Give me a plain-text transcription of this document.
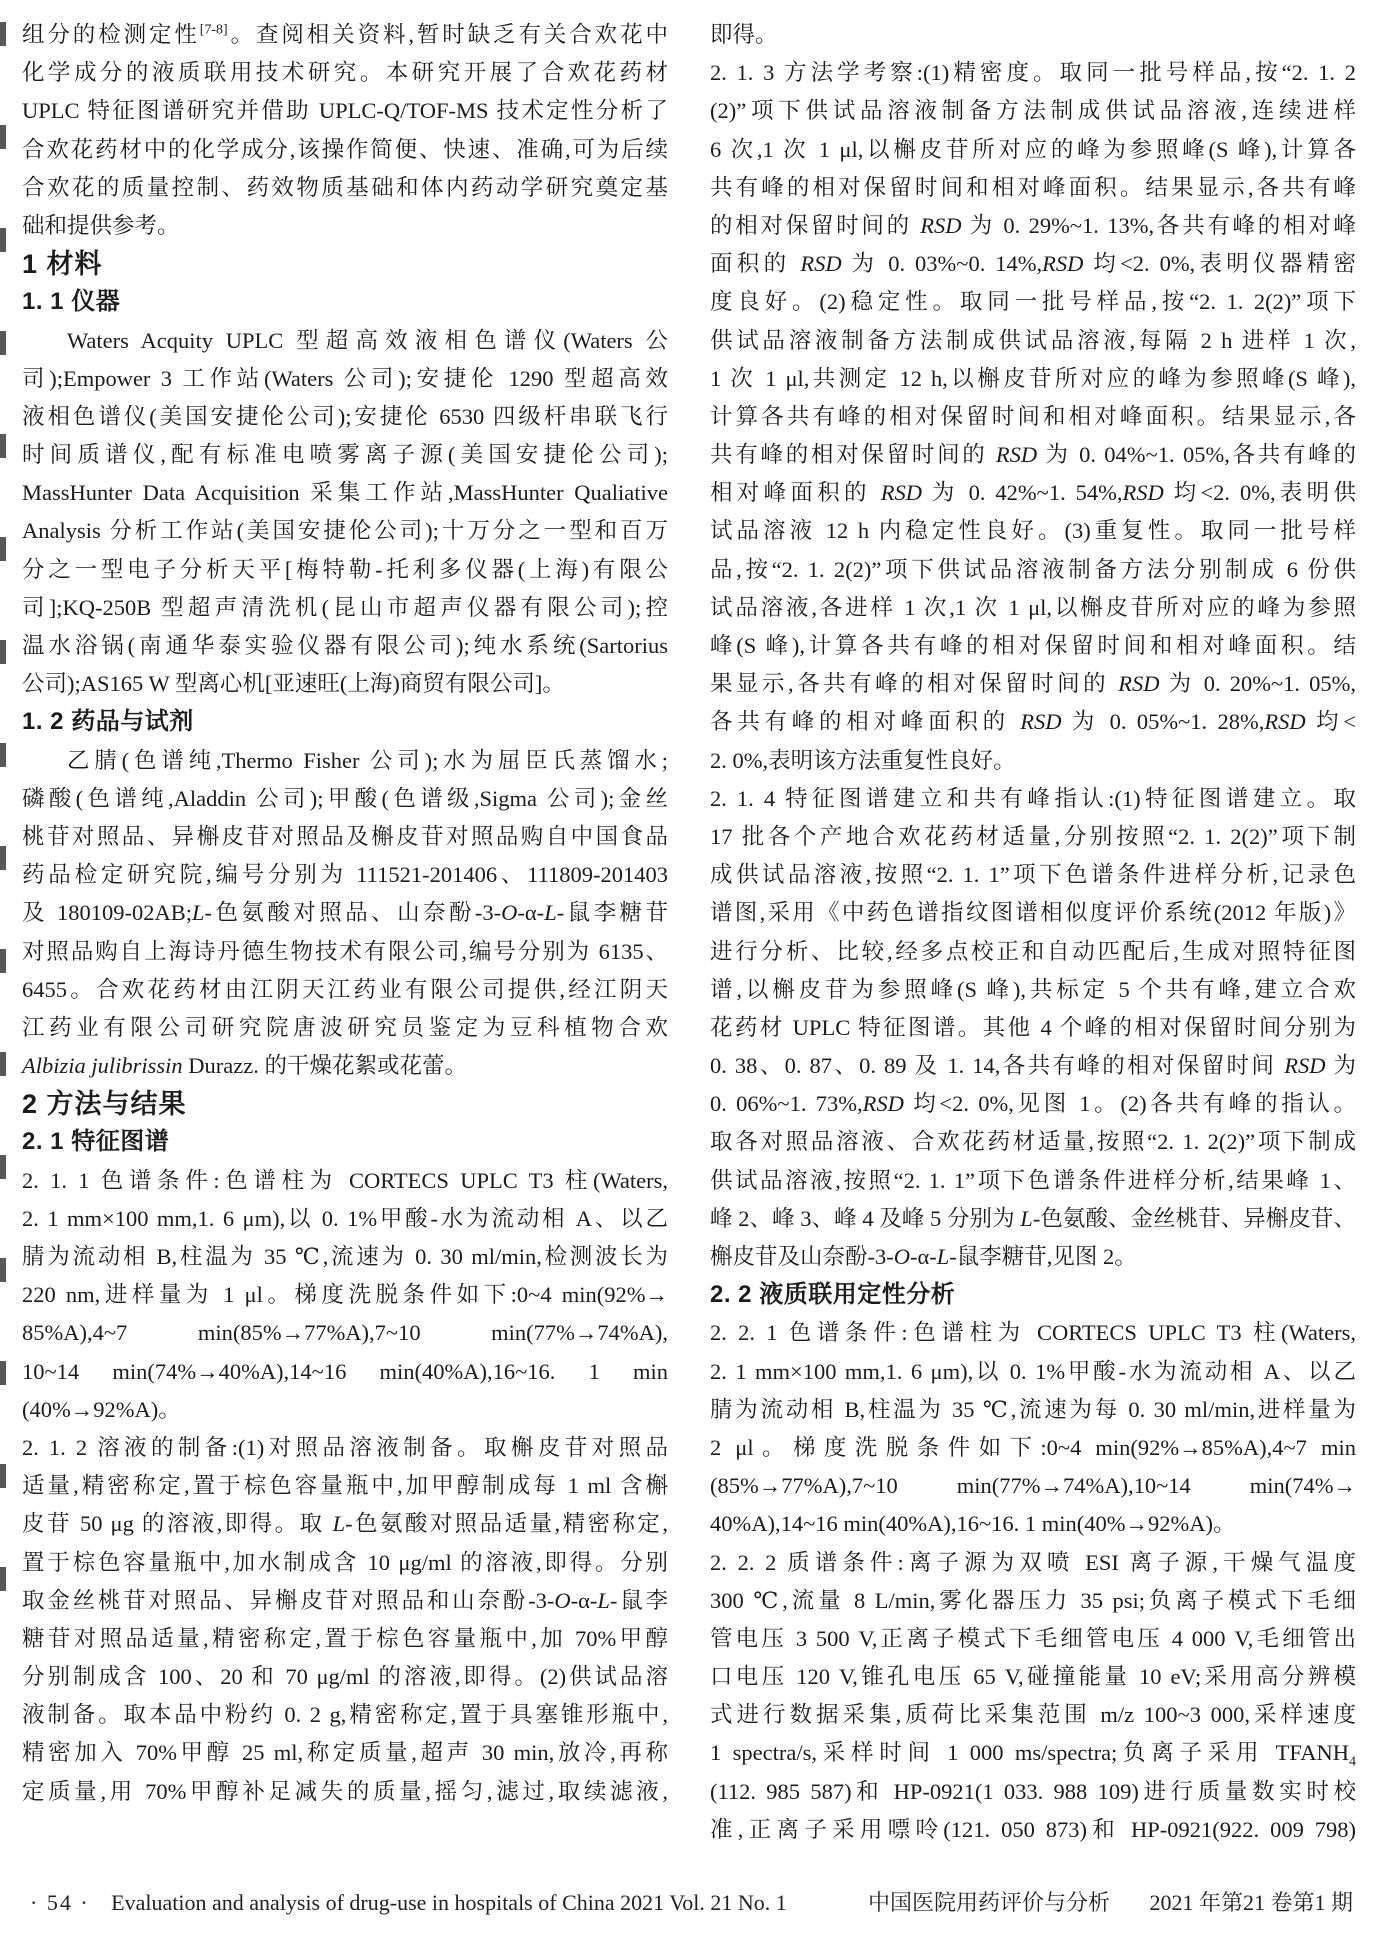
组分的检测定性[7-8]。查阅相关资料,暂时缺乏有关合欢花中
化学成分的液质联用技术研究。本研究开展了合欢花药材
UPLC 特征图谱研究并借助 UPLC-Q/TOF-MS 技术定性分析了
合欢花药材中的化学成分,该操作简便、快速、准确,可为后续
合欢花的质量控制、药效物质基础和体内药动学研究奠定基
础和提供参考。
1 材料
1. 1 仪器
Waters Acquity UPLC 型超高效液相色谱仪(Waters 公
司);Empower 3 工作站(Waters 公司);安捷伦 1290 型超高效
液相色谱仪(美国安捷伦公司);安捷伦 6530 四级杆串联飞行
时间质谱仪,配有标准电喷雾离子源(美国安捷伦公司);
MassHunter Data Acquisition 采集工作站,MassHunter Qualiative
Analysis 分析工作站(美国安捷伦公司);十万分之一型和百万
分之一型电子分析天平[梅特勒-托利多仪器(上海)有限公
司];KQ-250B 型超声清洗机(昆山市超声仪器有限公司);控
温水浴锅(南通华泰实验仪器有限公司);纯水系统(Sartorius
公司);AS165 W 型离心机[亚速旺(上海)商贸有限公司]。
1. 2 药品与试剂
乙腈(色谱纯,Thermo Fisher 公司);水为屈臣氏蒸馏水;
磷酸(色谱纯,Aladdin 公司);甲酸(色谱级,Sigma 公司);金丝
桃苷对照品、异槲皮苷对照品及槲皮苷对照品购自中国食品
药品检定研究院,编号分别为 111521-201406、111809-201403
及 180109-02AB;L-色氨酸对照品、山奈酚-3-O-α-L-鼠李糖苷
对照品购自上海诗丹德生物技术有限公司,编号分别为 6135、
6455。合欢花药材由江阴天江药业有限公司提供,经江阴天
江药业有限公司研究院唐波研究员鉴定为豆科植物合欢
Albizia julibrissin Durazz. 的干燥花絮或花蕾。
2 方法与结果
2. 1 特征图谱
2. 1. 1 色谱条件:色谱柱为 CORTECS UPLC T3 柱(Waters,
2. 1 mm×100 mm,1. 6 μm),以 0. 1%甲酸-水为流动相 A、以乙
腈为流动相 B,柱温为 35 ℃,流速为 0. 30 ml/min,检测波长为
220 nm,进样量为 1 μl。梯度洗脱条件如下:0~4 min(92%→
85%A),4~7 min(85%→77%A),7~10 min(77%→74%A),
10~14 min(74%→40%A),14~16 min(40%A),16~16. 1 min
(40%→92%A)。
2. 1. 2 溶液的制备:(1)对照品溶液制备。取槲皮苷对照品
适量,精密称定,置于棕色容量瓶中,加甲醇制成每 1 ml 含槲
皮苷 50 μg 的溶液,即得。取 L-色氨酸对照品适量,精密称定,
置于棕色容量瓶中,加水制成含 10 μg/ml 的溶液,即得。分别
取金丝桃苷对照品、异槲皮苷对照品和山奈酚-3-O-α-L-鼠李
糖苷对照品适量,精密称定,置于棕色容量瓶中,加 70%甲醇
分别制成含 100、20 和 70 μg/ml 的溶液,即得。(2)供试品溶
液制备。取本品中粉约 0. 2 g,精密称定,置于具塞锥形瓶中,
精密加入 70%甲醇 25 ml,称定质量,超声 30 min,放冷,再称
定质量,用 70%甲醇补足减失的质量,摇匀,滤过,取续滤液,
即得。
2. 1. 3 方法学考察:(1)精密度。取同一批号样品,按“2. 1. 2
(2)”项下供试品溶液制备方法制成供试品溶液,连续进样
6 次,1 次 1 μl,以槲皮苷所对应的峰为参照峰(S 峰),计算各
共有峰的相对保留时间和相对峰面积。结果显示,各共有峰
的相对保留时间的 RSD 为 0. 29%~1. 13%,各共有峰的相对峰
面积的 RSD 为 0. 03%~0. 14%,RSD 均<2. 0%,表明仪器精密
度良好。(2)稳定性。取同一批号样品,按“2. 1. 2(2)”项下
供试品溶液制备方法制成供试品溶液,每隔 2 h 进样 1 次,
1 次 1 μl,共测定 12 h,以槲皮苷所对应的峰为参照峰(S 峰),
计算各共有峰的相对保留时间和相对峰面积。结果显示,各
共有峰的相对保留时间的 RSD 为 0. 04%~1. 05%,各共有峰的
相对峰面积的 RSD 为 0. 42%~1. 54%,RSD 均<2. 0%,表明供
试品溶液 12 h 内稳定性良好。(3)重复性。取同一批号样
品,按“2. 1. 2(2)”项下供试品溶液制备方法分别制成 6 份供
试品溶液,各进样 1 次,1 次 1 μl,以槲皮苷所对应的峰为参照
峰(S 峰),计算各共有峰的相对保留时间和相对峰面积。结
果显示,各共有峰的相对保留时间的 RSD 为 0. 20%~1. 05%,
各共有峰的相对峰面积的 RSD 为 0. 05%~1. 28%,RSD 均<
2. 0%,表明该方法重复性良好。
2. 1. 4 特征图谱建立和共有峰指认:(1)特征图谱建立。取
17 批各个产地合欢花药材适量,分别按照“2. 1. 2(2)”项下制
成供试品溶液,按照“2. 1. 1”项下色谱条件进样分析,记录色
谱图,采用《中药色谱指纹图谱相似度评价系统(2012 年版)》
进行分析、比较,经多点校正和自动匹配后,生成对照特征图
谱,以槲皮苷为参照峰(S 峰),共标定 5 个共有峰,建立合欢
花药材 UPLC 特征图谱。其他 4 个峰的相对保留时间分别为
0. 38、0. 87、0. 89 及 1. 14,各共有峰的相对保留时间 RSD 为
0. 06%~1. 73%,RSD 均<2. 0%,见图 1。(2)各共有峰的指认。
取各对照品溶液、合欢花药材适量,按照“2. 1. 2(2)”项下制成
供试品溶液,按照“2. 1. 1”项下色谱条件进样分析,结果峰 1、
峰 2、峰 3、峰 4 及峰 5 分别为 L-色氨酸、金丝桃苷、异槲皮苷、
槲皮苷及山奈酚-3-O-α-L-鼠李糖苷,见图 2。
2. 2 液质联用定性分析
2. 2. 1 色谱条件:色谱柱为 CORTECS UPLC T3 柱(Waters,
2. 1 mm×100 mm,1. 6 μm),以 0. 1%甲酸-水为流动相 A、以乙
腈为流动相 B,柱温为 35 ℃,流速为每 0. 30 ml/min,进样量为
2 μl。梯度洗脱条件如下:0~4 min(92%→85%A),4~7 min
(85%→77%A),7~10 min(77%→74%A),10~14 min(74%→
40%A),14~16 min(40%A),16~16. 1 min(40%→92%A)。
2. 2. 2 质谱条件:离子源为双喷 ESI 离子源,干燥气温度
300 ℃,流量 8 L/min,雾化器压力 35 psi;负离子模式下毛细
管电压 3 500 V,正离子模式下毛细管电压 4 000 V,毛细管出
口电压 120 V,锥孔电压 65 V,碰撞能量 10 eV;采用高分辨模
式进行数据采集,质荷比采集范围 m/z 100~3 000,采样速度
1 spectra/s,采样时间 1 000 ms/spectra;负离子采用 $TFANH_4$
(112. 985 587)和 HP-0921(1 033. 988 109)进行质量数实时校
准,正离子采用嘌呤(121. 050 873)和 HP-0921(922. 009 798)
· 54 · Evaluation and analysis of drug-use in hospitals of China 2021 Vol. 21 No. 1	中国医院用药评价与分析 2021 年第21 卷第1 期
